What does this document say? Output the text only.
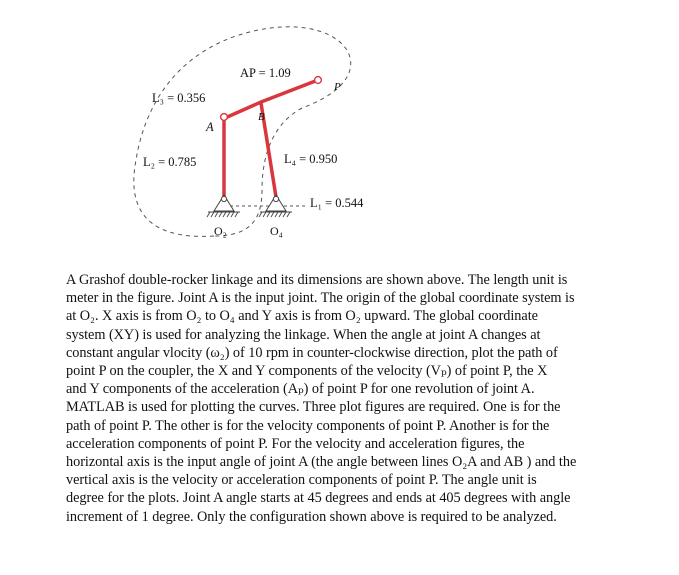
AP = 1.09
L₃ = 0.356
A
B
P
L₂ = 0.785	L₄ = 0.950
L₁ = 0.544
O₂	O₄

A Grashof double-rocker linkage and its dimensions are shown above. The length unit is
meter in the figure. Joint A is the input joint. The origin of the global coordinate system is
at O₂. X axis is from O₂ to O₄ and Y axis is from O₂ upward. The global coordinate
system (XY) is used for analyzing the linkage. When the angle at joint A changes at
constant angular vlocity (ω₂) of 10 rpm in counter-clockwise direction, plot the path of
point P on the coupler, the X and Y components of the velocity (Vₚ) of point P, the X
and Y components of the acceleration (Aₚ) of point P for one revolution of joint A.
MATLAB is used for plotting the curves. Three plot figures are required. One is for the
path of point P. The other is for the velocity components of point P. Another is for the
acceleration components of point P. For the velocity and acceleration figures, the
horizontal axis is the input angle of joint A (the angle between lines O₂A and AB ) and the
vertical axis is the velocity or acceleration components of point P. The angle unit is
degree for the plots. Joint A angle starts at 45 degrees and ends at 405 degrees with angle
increment of 1 degree. Only the configuration shown above is required to be analyzed.
